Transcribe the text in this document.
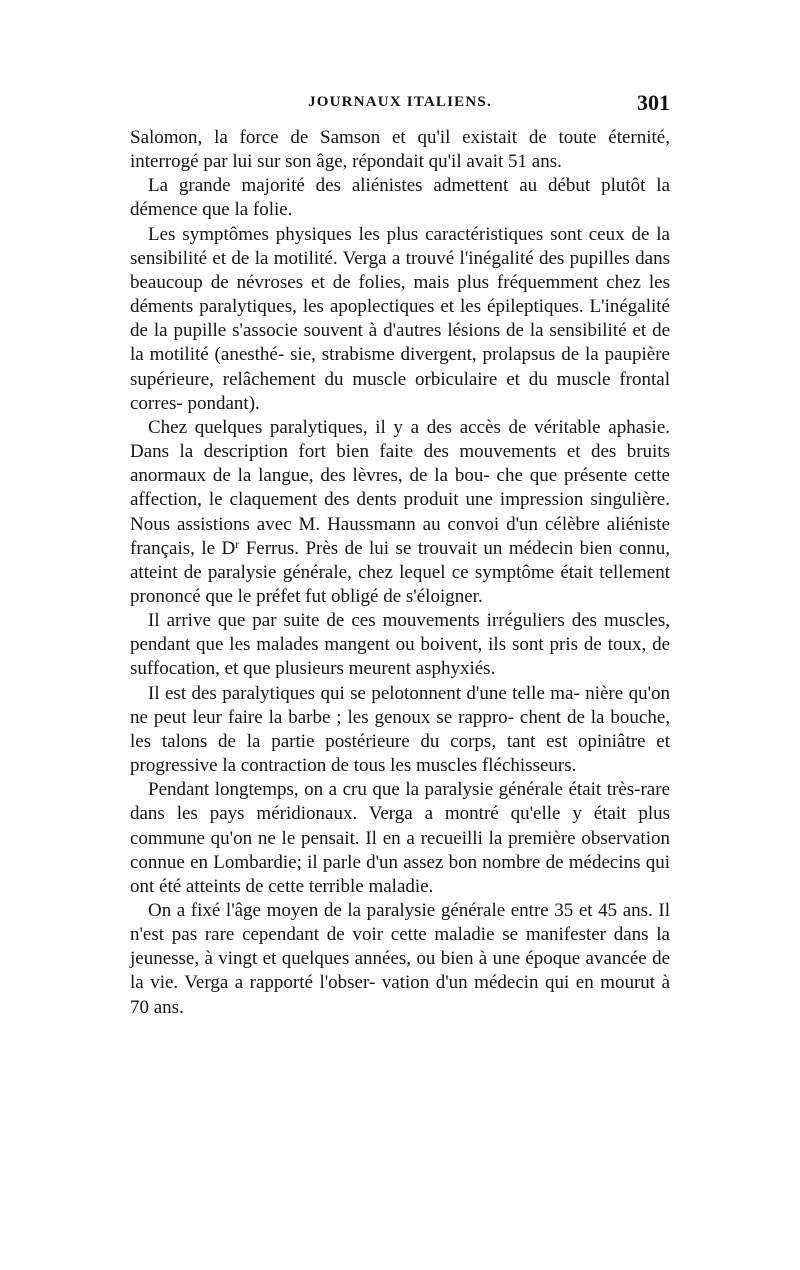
JOURNAUX ITALIENS.	301

Salomon, la force de Samson et qu'il existait de toute éternité, interrogé par lui sur son âge, répondait qu'il avait 51 ans.

La grande majorité des aliénistes admettent au début plutôt la démence que la folie.

Les symptômes physiques les plus caractéristiques sont ceux de la sensibilité et de la motilité. Verga a trouvé l'inégalité des pupilles dans beaucoup de névroses et de folies, mais plus fréquemment chez les déments paralytiques, les apoplectiques et les épileptiques. L'inégalité de la pupille s'associe souvent à d'autres lésions de la sensibilité et de la motilité (anesthé- sie, strabisme divergent, prolapsus de la paupière supérieure, relâchement du muscle orbiculaire et du muscle frontal corres- pondant).

Chez quelques paralytiques, il y a des accès de véritable aphasie. Dans la description fort bien faite des mouvements et des bruits anormaux de la langue, des lèvres, de la bou- che que présente cette affection, le claquement des dents produit une impression singulière. Nous assistions avec M. Haussmann au convoi d'un célèbre aliéniste français, le $D^r$ Ferrus. Près de lui se trouvait un médecin bien connu, atteint de paralysie générale, chez lequel ce symptôme était tellement prononcé que le préfet fut obligé de s'éloigner.

Il arrive que par suite de ces mouvements irréguliers des muscles, pendant que les malades mangent ou boivent, ils sont pris de toux, de suffocation, et que plusieurs meurent asphyxiés.

Il est des paralytiques qui se pelotonnent d'une telle ma- nière qu'on ne peut leur faire la barbe ; les genoux se rappro- chent de la bouche, les talons de la partie postérieure du corps, tant est opiniâtre et progressive la contraction de tous les muscles fléchisseurs.

Pendant longtemps, on a cru que la paralysie générale était très-rare dans les pays méridionaux. Verga a montré qu'elle y était plus commune qu'on ne le pensait. Il en a recueilli la première observation connue en Lombardie; il parle d'un assez bon nombre de médecins qui ont été atteints de cette terrible maladie.

On a fixé l'âge moyen de la paralysie générale entre 35 et 45 ans. Il n'est pas rare cependant de voir cette maladie se manifester dans la jeunesse, à vingt et quelques années, ou bien à une époque avancée de la vie. Verga a rapporté l'obser- vation d'un médecin qui en mourut à 70 ans.
